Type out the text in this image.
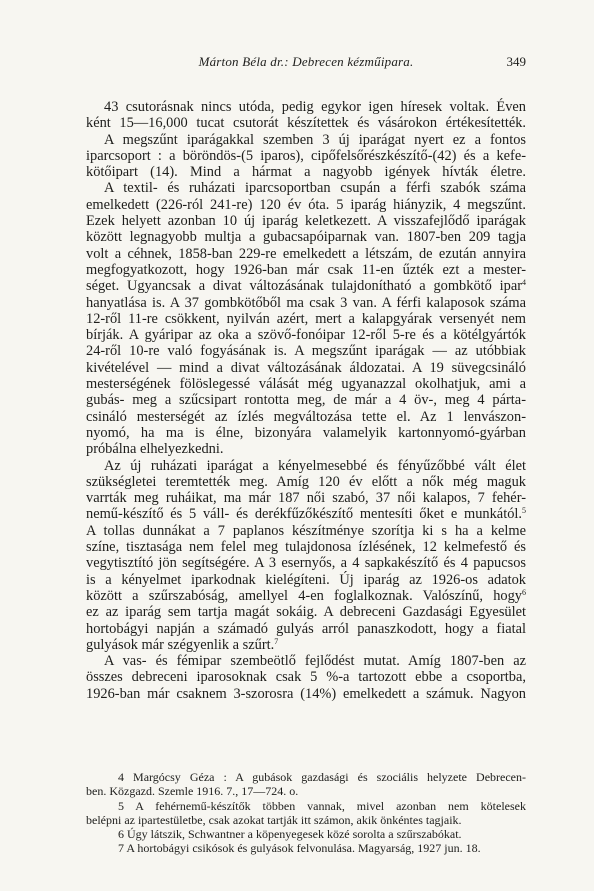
Márton Béla dr.: Debrecen kézműipara.	349
43 csutorásnak nincs utóda, pedig egykor igen híresek voltak. Éven
ként 15—16,000 tucat csutorát készítettek és vásárokon értékesítették.
A megszűnt iparágakkal szemben 3 új iparágat nyert ez a fontos
iparcsoport : a böröndös-(5 iparos), cipőfelsőrészkészítő-(42) és a kefe-
kötőipart (14). Mind a hármat a nagyobb igények hívták életre.
A textil- és ruházati iparcsoportban csupán a férfi szabók száma
emelkedett (226-ról 241-re) 120 év óta. 5 iparág hiányzik, 4 megszűnt.
Ezek helyett azonban 10 új iparág keletkezett. A visszafejlődő iparágak
között legnagyobb multja a gubacsapóiparnak van. 1807-ben 209 tagja
volt a céhnek, 1858-ban 229-re emelkedett a létszám, de ezután annyira
megfogyatkozott, hogy 1926-ban már csak 11-en űzték ezt a mester-
séget. Ugyancsak a divat változásának tulajdonítható a gombkötő ipar$^4$
hanyatlása is. A 37 gombkötőből ma csak 3 van. A férfi kalaposok száma
12-ről 11-re csökkent, nyilván azért, mert a kalapgyárak versenyét nem
bírják. A gyáripar az oka a szövő-fonóipar 12-ről 5-re és a kötélgyártók
24-ről 10-re való fogyásának is. A megszűnt iparágak — az utóbbiak
kivételével — mind a divat változásának áldozatai. A 19 süvegcsináló
mesterségének fölöslegessé válását még ugyanazzal okolhatjuk, ami a
gubás- meg a szűcsipart rontotta meg, de már a 4 öv-, meg 4 pártа-
csináló mesterségét az ízlés megváltozása tette el. Az 1 lenvászon-
nyomó, ha ma is élne, bizonyára valamelyik kartonnyomó-gyárban
próbálna elhelyezkedni.
Az új ruházati iparágat a kényelmesebbé és fényűzőbbé vált élet
szükségletei teremtették meg. Amíg 120 év előtt a nők még maguk
varrták meg ruháikat, ma már 187 női szabó, 37 női kalapos, 7 fehér-
nemű-készítő és 5 váll- és derékfűzőkészítő mentesíti őket e munkától.$^5$
A tollas dunnákat a 7 paplanos készítménye szorítja ki s ha a kelme
színe, tisztasága nem felel meg tulajdonosa ízlésének, 12 kelmefestő és
vegytisztító jön segítségére. A 3 esernyős, a 4 sapkakészítő és 4 papucsos
is a kényelmet iparkodnak kielégíteni. Új iparág az 1926-os adatok
között a szűrszabóság, amellyel 4-en foglalkoznak. Valószínű, hogy$^6$
ez az iparág sem tartja magát sokáig. A debreceni Gazdasági Egyesület
hortobágyi napján a számadó gulyás arról panaszkodott, hogy a fiatal
gulyások már szégyenlik a szűrt.$^7$
A vas- és fémipar szembeötlő fejlődést mutat. Amíg 1807-ben az
összes debreceni iparosoknak csak 5 %-a tartozott ebbe a csoportba,
1926-ban már csaknem 3-szorosra (14%) emelkedett a számuk. Nagyon
4 Margócsy Géza : A gubások gazdasági és szociális helyzete Debrecen-
ben. Közgazd. Szemle 1916. 7., 17—724. o.
5 A fehérnemű-készítők többen vannak, mivel azonban nem kötelesek
belépni az ipartestületbe, csak azokat tartják itt számon, akik önkéntes tagjaik.
6 Úgy látszik, Schwantner a köpenyegesek közé sorolta a szűrszabókat.
7 A hortobágyi csikósok és gulyások felvonulása. Magyarság, 1927 jun. 18.
